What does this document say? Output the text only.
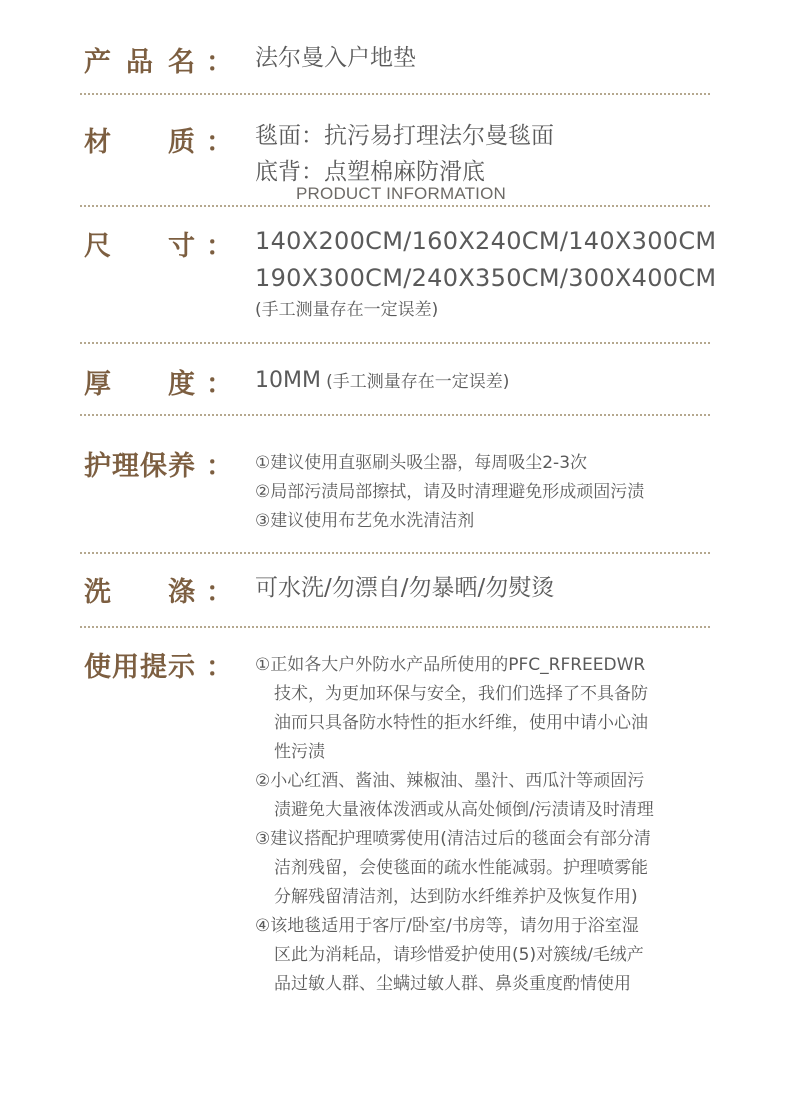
产 品 名 ： 法尔曼入户地垫
材 质 ： 毯面：抗污易打理法尔曼毯面
底背：点塑棉麻防滑底
PRODUCT INFORMATION
尺 寸 ： 140X200CM/160X240CM/140X300CM
190X300CM/240X350CM/300X400CM
(手工测量存在一定误差)
厚 度 ： 10MM (手工测量存在一定误差)
护理保养 ： ①建议使用直驱刷头吸尘器，每周吸尘2-3次
②局部污渍局部擦拭，请及时清理避免形成顽固污渍
③建议使用布艺免水洗清洁剂
洗 涤 ： 可水洗/勿漂自/勿暴晒/勿熨烫
使用提示 ： ①正如各大户外防水产品所使用的PFC_RFREEDWR
技术，为更加环保与安全，我们们选择了不具备防
油而只具备防水特性的拒水纤维，使用中请小心油
性污渍
②小心红酒、酱油、辣椒油、墨汁、西瓜汁等顽固污
渍避免大量液体泼洒或从高处倾倒/污渍请及时清理
③建议搭配护理喷雾使用(清洁过后的毯面会有部分清
洁剂残留，会使毯面的疏水性能减弱。护理喷雾能
分解残留清洁剂，达到防水纤维养护及恢复作用)
④该地毯适用于客厅/卧室/书房等，请勿用于浴室湿
区此为消耗品，请珍惜爱护使用(5)对簇绒/毛绒产
品过敏人群、尘螨过敏人群、鼻炎重度酌情使用
